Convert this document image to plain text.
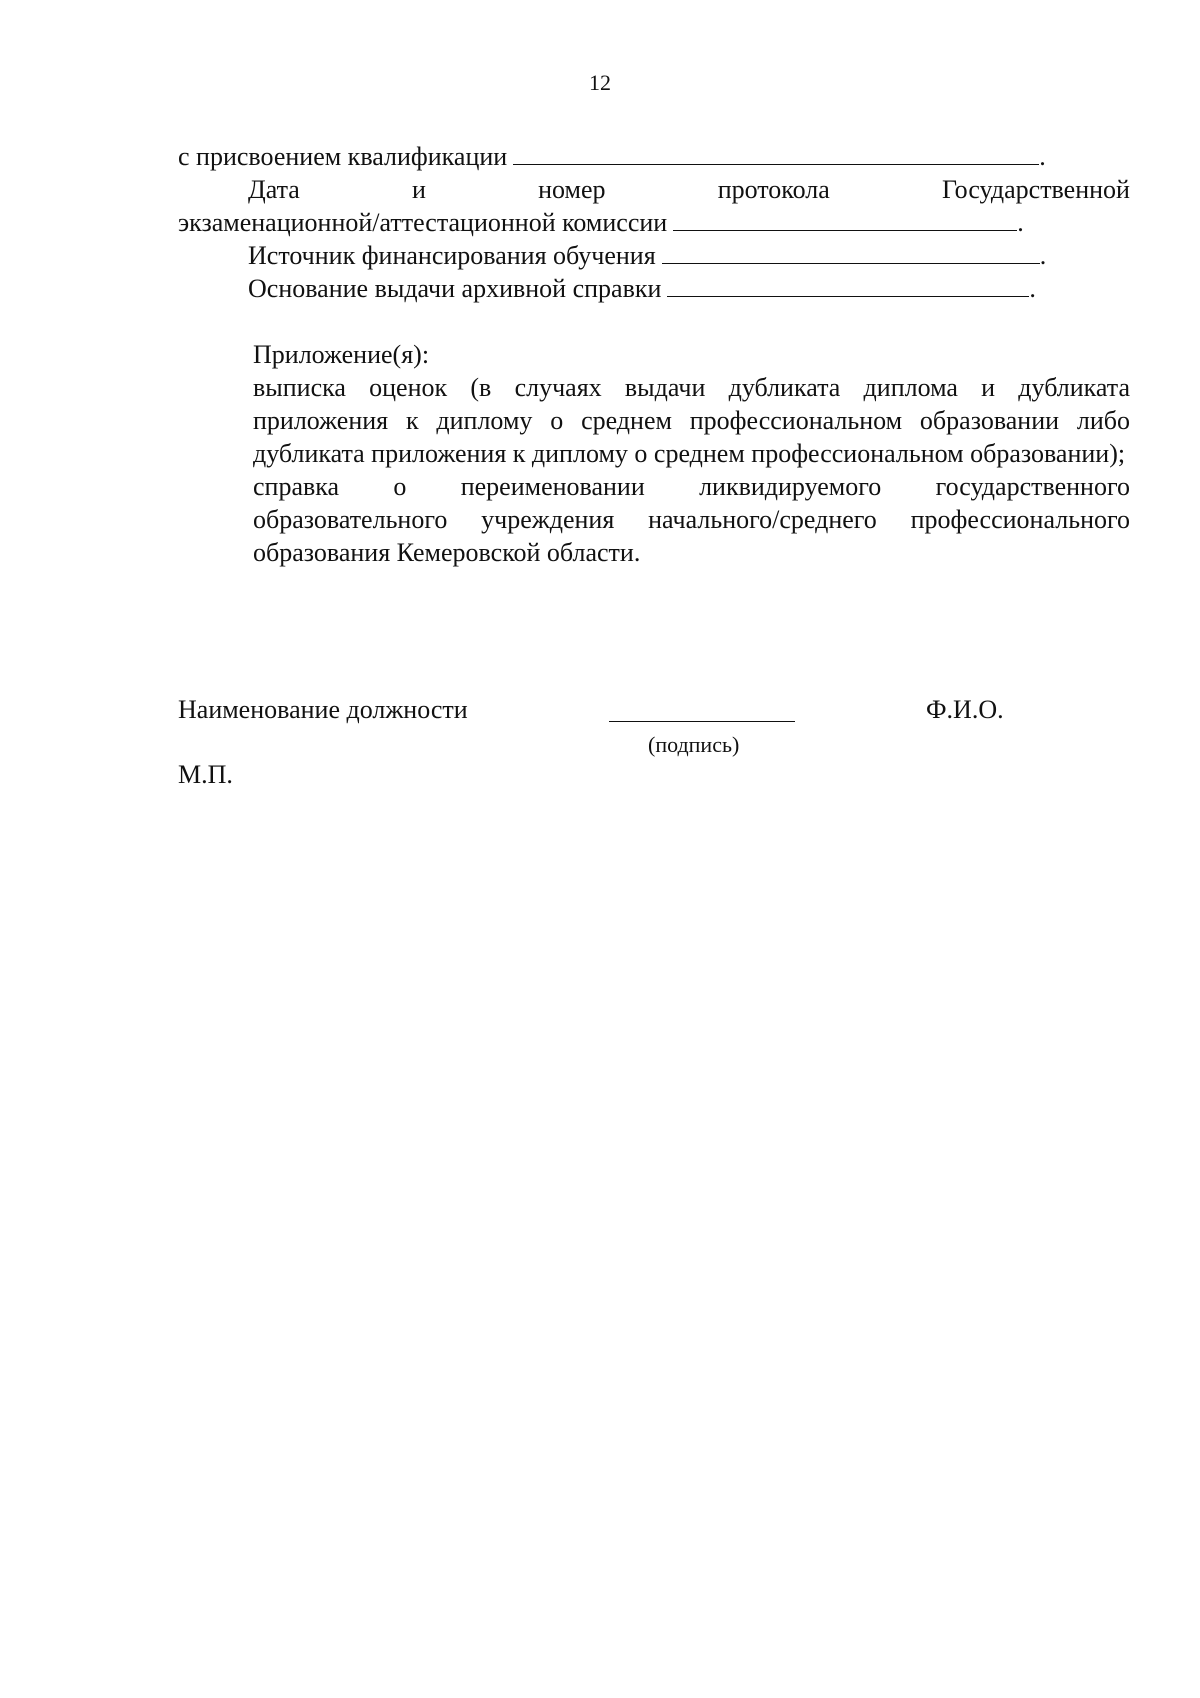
12
с присвоением квалификации	.
Дата	и	номер	протокола	Государственной
экзаменационной/аттестационной комиссии	.
Источник финансирования обучения	.
Основание выдачи архивной справки	.

Приложение(я):

выписка оценок (в случаях выдачи дубликата диплома и дубликата приложения к диплому о среднем профессиональном образовании либо дубликата приложения к диплому о среднем профессиональном образовании);

справка о переименовании ликвидируемого государственного образовательного учреждения начального/среднего профессионального образования Кемеровской области.

Наименование должности	Ф.И.О.
(подпись)
М.П.
